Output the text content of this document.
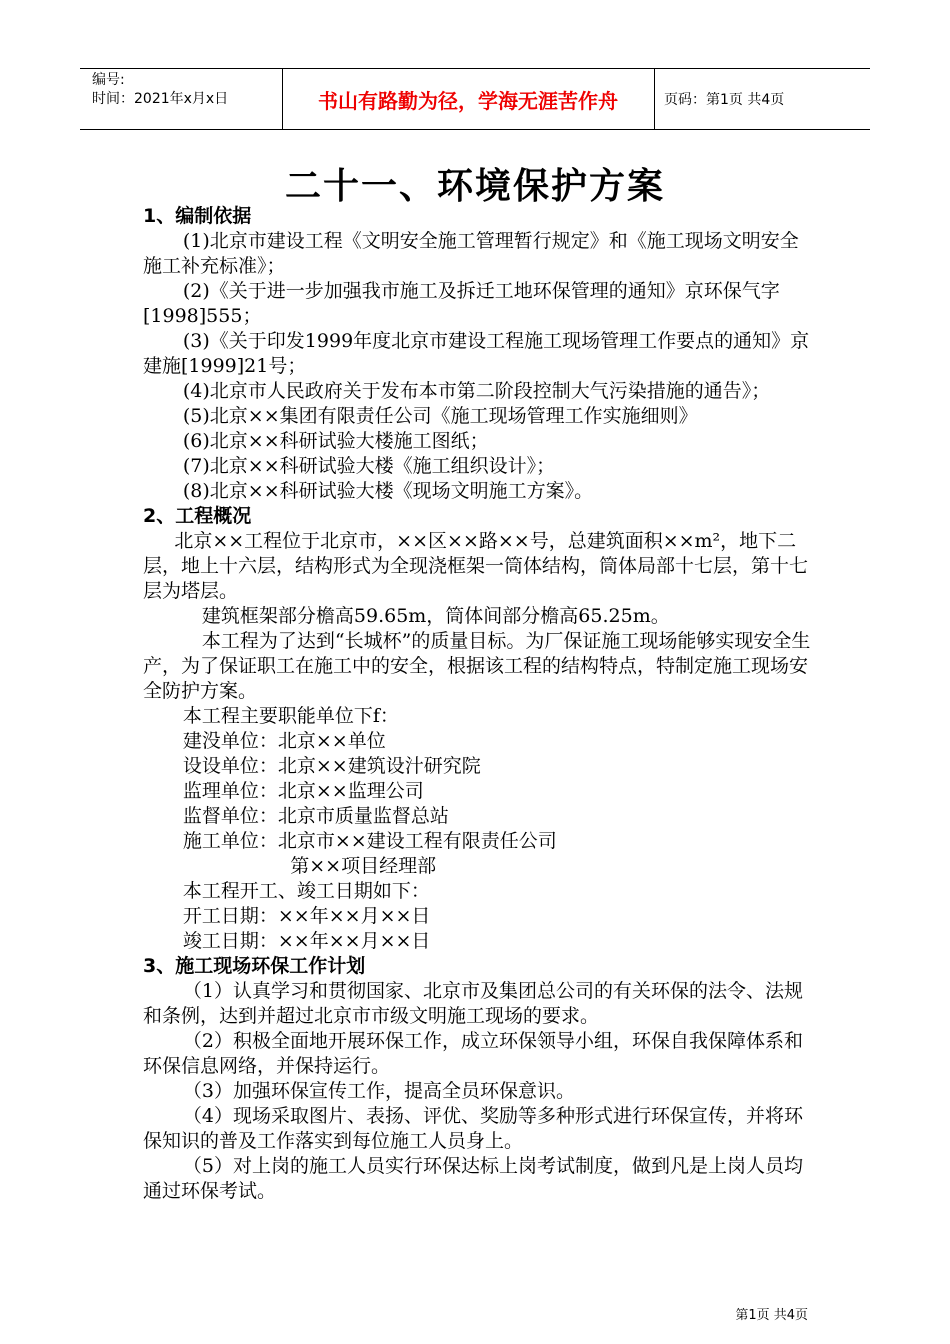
编号:
时间：2021年x月x日	书山有路勤为径，学海无涯苦作舟	页码：第1页 共4页
二十一、环境保护方案

1、编制依据

(1)北京市建设工程《文明安全施工管理暂行规定》和《施工现场文明安全施工补充标准》；

(2)《关于进一步加强我市施工及拆迁工地环保管理的通知》京环保气字[1998]555；

(3)《关于印发1999年度北京市建设工程施工现场管理工作要点的通知》京建施[1999]21号；

(4)北京市人民政府关于发布本市第二阶段控制大气污染措施的通告》；

(5)北京××集团有限责任公司《施工现场管理工作实施细则》

(6)北京××科研试验大楼施工图纸；

(7)北京××科研试验大楼《施工组织设计》；

(8)北京××科研试验大楼《现场文明施工方案》。

2、工程概况

北京××工程位于北京市，××区××路××号，总建筑面积××m²，地下二层，地上十六层，结构形式为全现浇框架一筒体结构，筒体局部十七层，第十七层为塔层。

建筑框架部分檐高59.65m，筒体间部分檐高65.25m。

本工程为了达到“长城杯”的质量目标。为厂保证施工现场能够实现安全生产，为了保证职工在施工中的安全，根据该工程的结构特点，特制定施工现场安全防护方案。

本工程主要职能单位下f：

建没单位：北京××单位

设设单位：北京××建筑设汁研究院

监理单位：北京××监理公司

监督单位：北京市质量监督总站

施工单位：北京市××建设工程有限责任公司

第××项目经理部

本工程开工、竣工日期如下：

开工日期：××年××月××日

竣工日期：××年××月××日

3、施工现场环保工作计划

（1）认真学习和贯彻国家、北京市及集团总公司的有关环保的法令、法规和条例，达到并超过北京市市级文明施工现场的要求。

（2）积极全面地开展环保工作，成立环保领导小组，环保自我保障体系和环保信息网络，并保持运行。

（3）加强环保宣传工作，提高全员环保意识。

（4）现场采取图片、表扬、评优、奖励等多种形式进行环保宣传，并将环保知识的普及工作落实到每位施工人员身上。

（5）对上岗的施工人员实行环保达标上岗考试制度，做到凡是上岗人员均通过环保考试。

第1页 共4页
